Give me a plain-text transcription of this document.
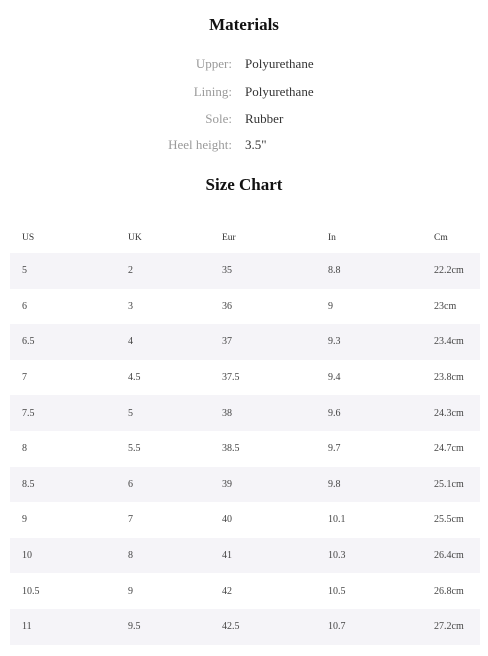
Materials
Upper: Polyurethane
Lining: Polyurethane
Sole: Rubber
Heel height: 3.5"
Size Chart
US	UK	Eur	In	Cm
5	2	35	8.8	22.2cm
6	3	36	9	23cm
6.5	4	37	9.3	23.4cm
7	4.5	37.5	9.4	23.8cm
7.5	5	38	9.6	24.3cm
8	5.5	38.5	9.7	24.7cm
8.5	6	39	9.8	25.1cm
9	7	40	10.1	25.5cm
10	8	41	10.3	26.4cm
10.5	9	42	10.5	26.8cm
11	9.5	42.5	10.7	27.2cm
